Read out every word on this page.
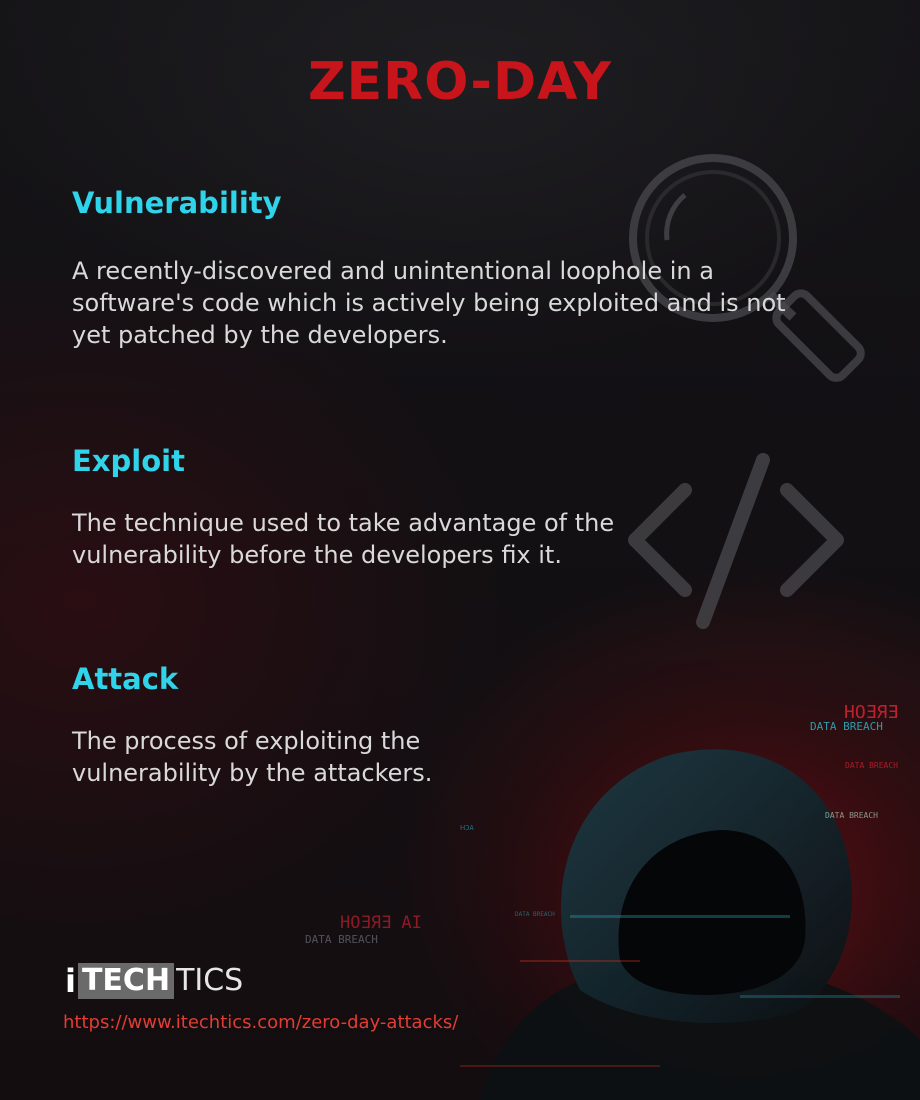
HOƎЯƎ
DATA BREACH
DATA BREACH
DATA BREACH
ꓧƆA
HOƎЯƎ AI
DATA BREACH
DATA BREACH
ZERO-DAY
Vulnerability

A recently-discovered and unintentional loophole in a software's code which is actively being exploited and is not yet patched by the developers.

Exploit

The technique used to take advantage of the vulnerability before the developers fix it.

Attack

The process of exploiting the vulnerability by the attackers.

i TECH TICS

https://www.itechtics.com/zero-day-attacks/
